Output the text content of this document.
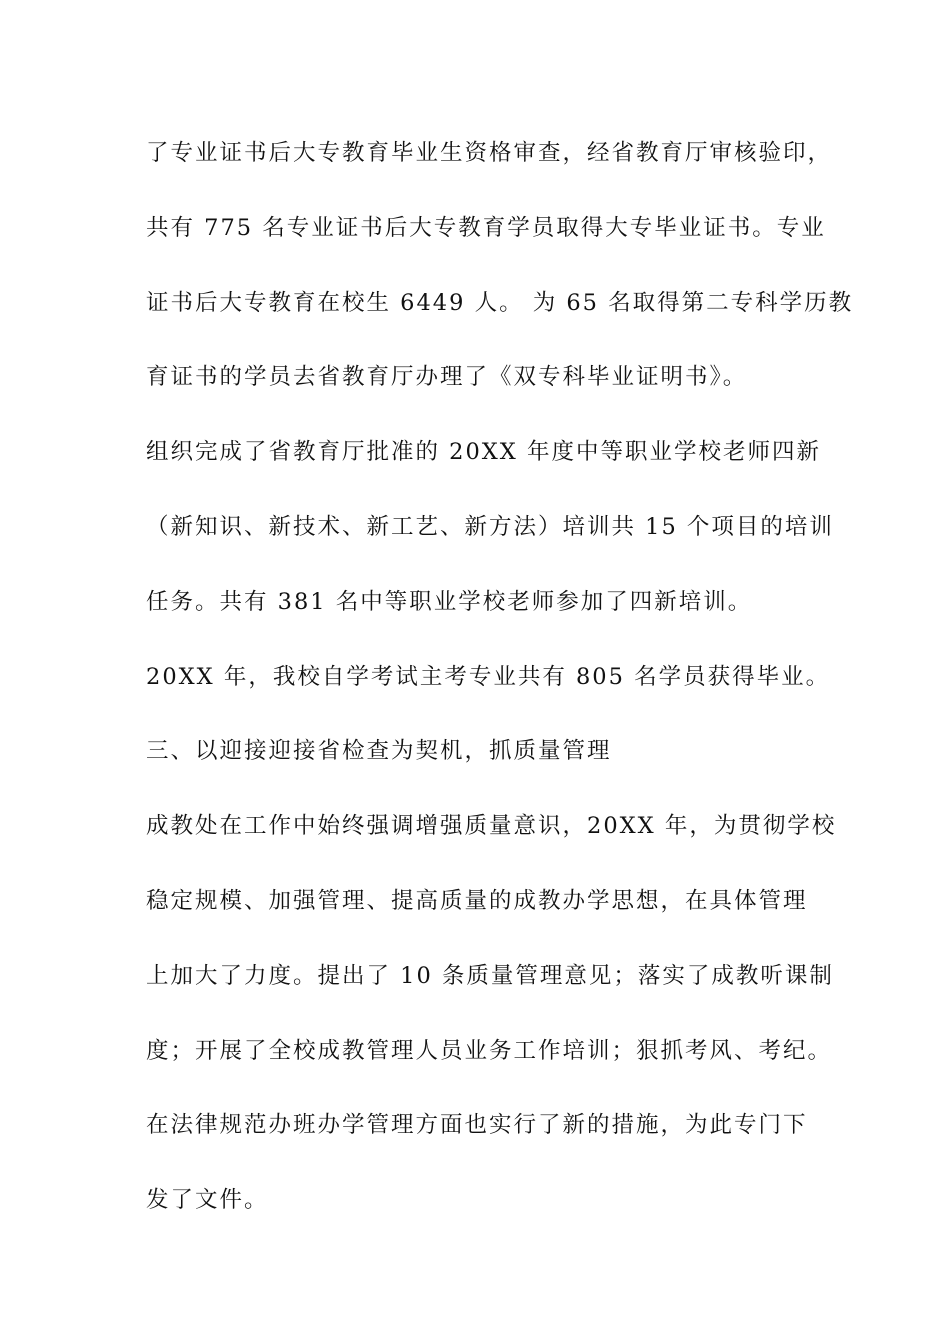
了专业证书后大专教育毕业生资格审查，经省教育厅审核验印，
共有 775 名专业证书后大专教育学员取得大专毕业证书。专业
证书后大专教育在校生 6449 人。 为 65 名取得第二专科学历教
育证书的学员去省教育厅办理了《双专科毕业证明书》。
组织完成了省教育厅批准的 20XX 年度中等职业学校老师四新
（新知识、新技术、新工艺、新方法）培训共 15 个项目的培训
任务。共有 381 名中等职业学校老师参加了四新培训。
20XX 年，我校自学考试主考专业共有 805 名学员获得毕业。
三、以迎接迎接省检查为契机，抓质量管理
成教处在工作中始终强调增强质量意识，20XX 年，为贯彻学校
稳定规模、加强管理、提高质量的成教办学思想，在具体管理
上加大了力度。提出了 10 条质量管理意见；落实了成教听课制
度；开展了全校成教管理人员业务工作培训；狠抓考风、考纪。
在法律规范办班办学管理方面也实行了新的措施，为此专门下
发了文件。
